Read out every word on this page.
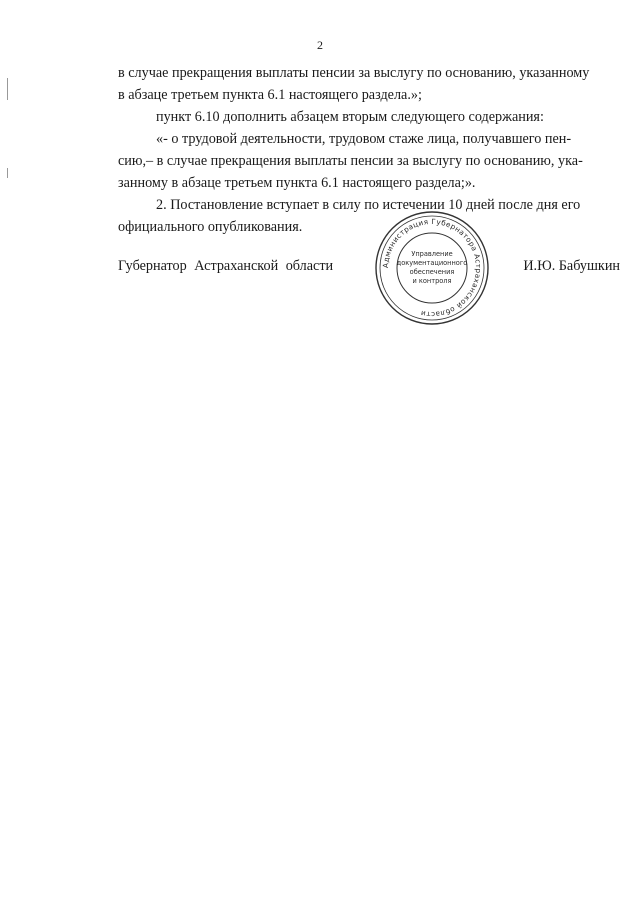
2
в случае прекращения выплаты пенсии за выслугу по основанию, указанному
в абзаце третьем пункта 6.1 настоящего раздела.»;
пункт 6.10 дополнить абзацем вторым следующего содержания:
«- о трудовой деятельности, трудовом стаже лица, получавшего пен-
сию,– в случае прекращения выплаты пенсии за выслугу по основанию, ука-
занному в абзаце третьем пункта 6.1 настоящего раздела;».
2. Постановление вступает в силу по истечении 10 дней после дня его
официального опубликования.
Губернатор Астраханской области	И.Ю. Бабушкин
Администрация Губернатора Астраханской области
Управление
документационного
обеспечения
и контроля
